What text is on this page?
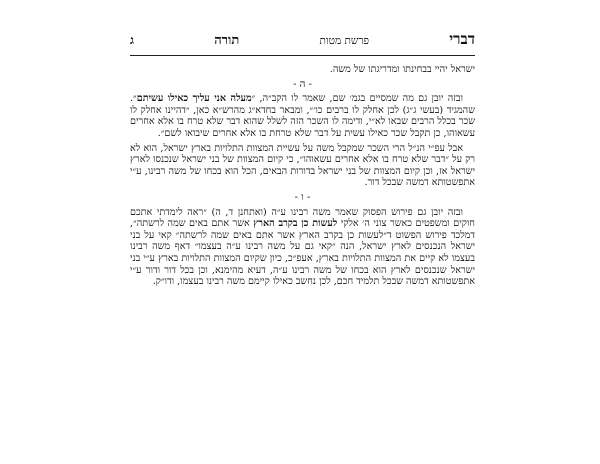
דברי
פרשת מטות
תורה
ג

ישראל יהיי בבחינתו ומדריגתו של משה.

- ה -

ובזה יובן גם מה שמסיים בגמ׳ שם, שאמר לו הקב״ה, ״מעלה אני עליך כאילו עשיתם״. שהמגיד (בעשי ג״ג) לכן אחלק לו ברבים כו׳״, ומבאר בחדא״ג מהרש״א כאן, ״דהיינו אחלק לו שכר בכלל הרבים שבאו לא״י, ודימה לו השכר הזה לשלל שהוא דבר שלא טרח בו אלא אחרים עשאוהו, כן תקבל שכר כאילו עשית על דבר שלא טרחת בו אלא אחרים שיבואו לשם״.

אבל עפ״י הנ״ל הרי השכר שמקבל משה על עשיית המצוות התלויות בארץ ישראל, הוא לא רק על ״דבר שלא טרח בו אלא אחרים עשאוהו״, כי קיום המצוות של בני ישראל שנכנסו לארץ ישראל אז, וכן קיום המצוות של בני ישראל בדורות הבאים, הכל הוא בכחו של משה רבינו, ע״י אתפשטותא דמשה שבכל דור.

- ו -

ובזה יובן גם פירוש הפסוק שאמר משה רבינו ע״ה (ואתחנן ד, ה) ״ראה לימדתי אתכם חוקים ומשפטים כאשר צוני ה׳ אלקי לעשות כן בקרב הארץ אשר אתם באים שמה לרשתה״, דמלכד פירוש הפשוט ד״לעשות כן בקרב הארץ אשר אתם באים שמה לרשתה״ קאי על בני ישראל הנכנסים לארץ ישראל, הנה ״קאי גם על משה רבינו ע״ה בעצמו״ דאף משה רבינו בעצמו לא קיים את המצוות התלויות בארץ, אעפ״כ, כיון שקיום המצוות התלויות בארץ ע״י בני ישראל שנכנסים לארץ הוא בכחו של משה רבינו ע״ה, דעיא מהימנא, וכן בכל דור ודור ע״י אתפשטותא דמשה שבכל תלמיד חכם, לכן נחשב כאילו קיימם משה רבינו בעצמו, ודו״ק.
